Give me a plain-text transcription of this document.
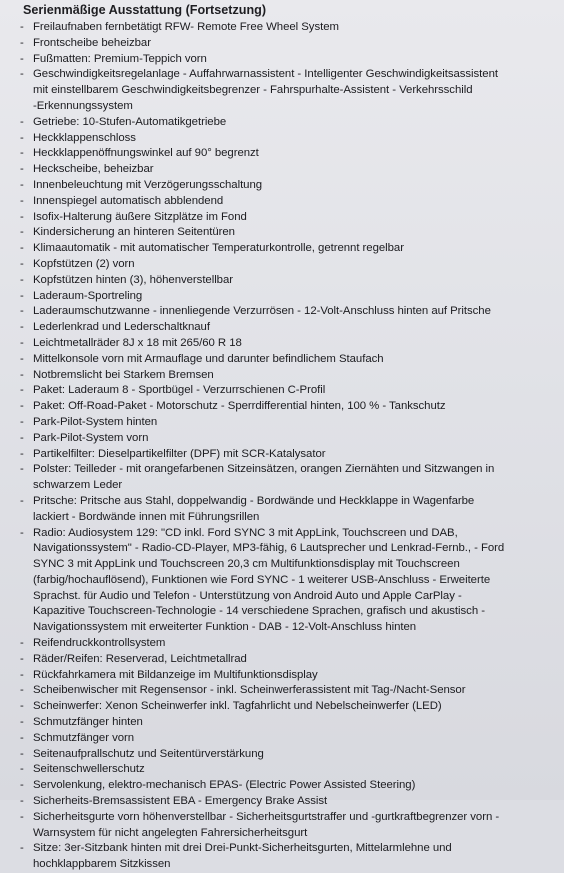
Serienmäßige Ausstattung (Fortsetzung)
- Freilaufnaben fernbetätigt RFW- Remote Free Wheel System
- Frontscheibe beheizbar
- Fußmatten: Premium-Teppich vorn
- Geschwindigkeitsregelanlage - Auffahrwarnassistent - Intelligenter Geschwindigkeitsassistent
mit einstellbarem Geschwindigkeitsbegrenzer - Fahrspurhalte-Assistent - Verkehrsschild
-Erkennungssystem
- Getriebe: 10-Stufen-Automatikgetriebe
- Heckklappenschloss
- Heckklappenöffnungswinkel auf 90° begrenzt
- Heckscheibe, beheizbar
- Innenbeleuchtung mit Verzögerungsschaltung
- Innenspiegel automatisch abblendend
- Isofix-Halterung äußere Sitzplätze im Fond
- Kindersicherung an hinteren Seitentüren
- Klimaautomatik - mit automatischer Temperaturkontrolle, getrennt regelbar
- Kopfstützen (2) vorn
- Kopfstützen hinten (3), höhenverstellbar
- Laderaum-Sportreling
- Laderaumschutzwanne - innenliegende Verzurrösen - 12-Volt-Anschluss hinten auf Pritsche
- Lederlenkrad und Lederschaltknauf
- Leichtmetallräder 8J x 18 mit 265/60 R 18
- Mittelkonsole vorn mit Armauflage und darunter befindlichem Staufach
- Notbremslicht bei Starkem Bremsen
- Paket: Laderaum 8 - Sportbügel - Verzurrschienen C-Profil
- Paket: Off-Road-Paket - Motorschutz - Sperrdifferential hinten, 100 % - Tankschutz
- Park-Pilot-System hinten
- Park-Pilot-System vorn
- Partikelfilter: Dieselpartikelfilter (DPF) mit SCR-Katalysator
- Polster: Teilleder - mit orangefarbenen Sitzeinsätzen, orangen Ziernähten und Sitzwangen in
schwarzem Leder
- Pritsche: Pritsche aus Stahl, doppelwandig - Bordwände und Heckklappe in Wagenfarbe
lackiert - Bordwände innen mit Führungsrillen
- Radio: Audiosystem 129: "CD inkl. Ford SYNC 3 mit AppLink, Touchscreen und DAB,
Navigationssystem" - Radio-CD-Player, MP3-fähig, 6 Lautsprecher und Lenkrad-Fernb., - Ford
SYNC 3 mit AppLink und Touchscreen 20,3 cm Multifunktionsdisplay mit Touchscreen
(farbig/hochauflösend), Funktionen wie Ford SYNC - 1 weiterer USB-Anschluss - Erweiterte
Sprachst. für Audio und Telefon - Unterstützung von Android Auto und Apple CarPlay -
Kapazitive Touchscreen-Technologie - 14 verschiedene Sprachen, grafisch und akustisch -
Navigationssystem mit erweiterter Funktion - DAB - 12-Volt-Anschluss hinten
- Reifendruckkontrollsystem
- Räder/Reifen: Reserverad, Leichtmetallrad
- Rückfahrkamera mit Bildanzeige im Multifunktionsdisplay
- Scheibenwischer mit Regensensor - inkl. Scheinwerferassistent mit Tag-/Nacht-Sensor
- Scheinwerfer: Xenon Scheinwerfer inkl. Tagfahrlicht und Nebelscheinwerfer (LED)
- Schmutzfänger hinten
- Schmutzfänger vorn
- Seitenaufprallschutz und Seitentürverstärkung
- Seitenschwellerschutz
- Servolenkung, elektro-mechanisch EPAS- (Electric Power Assisted Steering)
- Sicherheits-Bremsassistent EBA - Emergency Brake Assist
- Sicherheitsgurte vorn höhenverstellbar - Sicherheitsgurtstraffer und -gurtkraftbegrenzer vorn -
Warnsystem für nicht angelegten Fahrersicherheitsgurt
- Sitze: 3er-Sitzbank hinten mit drei Drei-Punkt-Sicherheitsgurten, Mittelarmlehne und
hochklappbarem Sitzkissen
